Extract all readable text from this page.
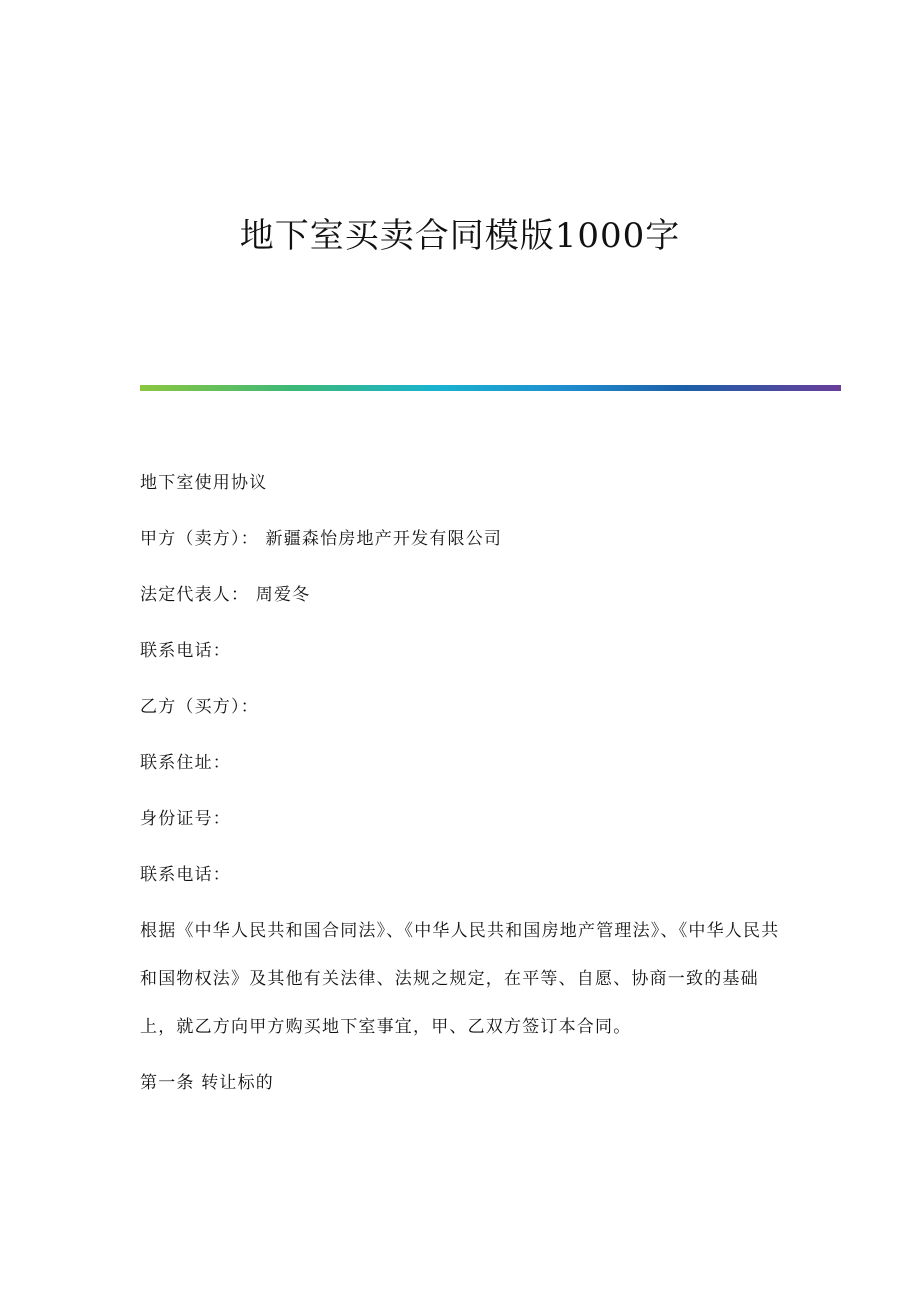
地下室买卖合同模版1000字

地下室使用协议

甲方（卖方）： 新疆森怡房地产开发有限公司

法定代表人： 周爱冬

联系电话：

乙方（买方）：

联系住址：

身份证号：

联系电话：

根据《中华人民共和国合同法》、《中华人民共和国房地产管理法》、《中华人民共和国物权法》及其他有关法律、法规之规定，在平等、自愿、协商一致的基础上，就乙方向甲方购买地下室事宜，甲、乙双方签订本合同。

第一条 转让标的
